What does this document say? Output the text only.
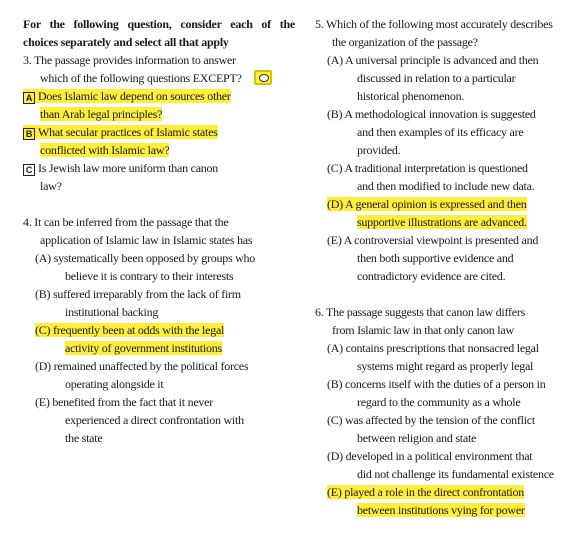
For the following question, consider each of the
choices separately and select all that apply
3. The passage provides information to answer
which of the following questions EXCEPT?
A Does Islamic law depend on sources other
than Arab legal principles?
B What secular practices of Islamic states
conflicted with Islamic law?
C Is Jewish law more uniform than canon
law?
4. It can be inferred from the passage that the
application of Islamic law in Islamic states has
(A) systematically been opposed by groups who
believe it is contrary to their interests
(B) suffered irreparably from the lack of firm
institutional backing
(C) frequently been at odds with the legal
activity of government institutions
(D) remained unaffected by the political forces
operating alongside it
(E) benefited from the fact that it never
experienced a direct confrontation with
the state
5. Which of the following most accurately describes
the organization of the passage?
(A) A universal principle is advanced and then
discussed in relation to a particular
historical phenomenon.
(B) A methodological innovation is suggested
and then examples of its efficacy are
provided.
(C) A traditional interpretation is questioned
and then modified to include new data.
(D) A general opinion is expressed and then
supportive illustrations are advanced.
(E) A controversial viewpoint is presented and
then both supportive evidence and
contradictory evidence are cited.
6. The passage suggests that canon law differs
from Islamic law in that only canon law
(A) contains prescriptions that nonsacred legal
systems might regard as properly legal
(B) concerns itself with the duties of a person in
regard to the community as a whole
(C) was affected by the tension of the conflict
between religion and state
(D) developed in a political environment that
did not challenge its fundamental existence
(E) played a role in the direct confrontation
between institutions vying for power
